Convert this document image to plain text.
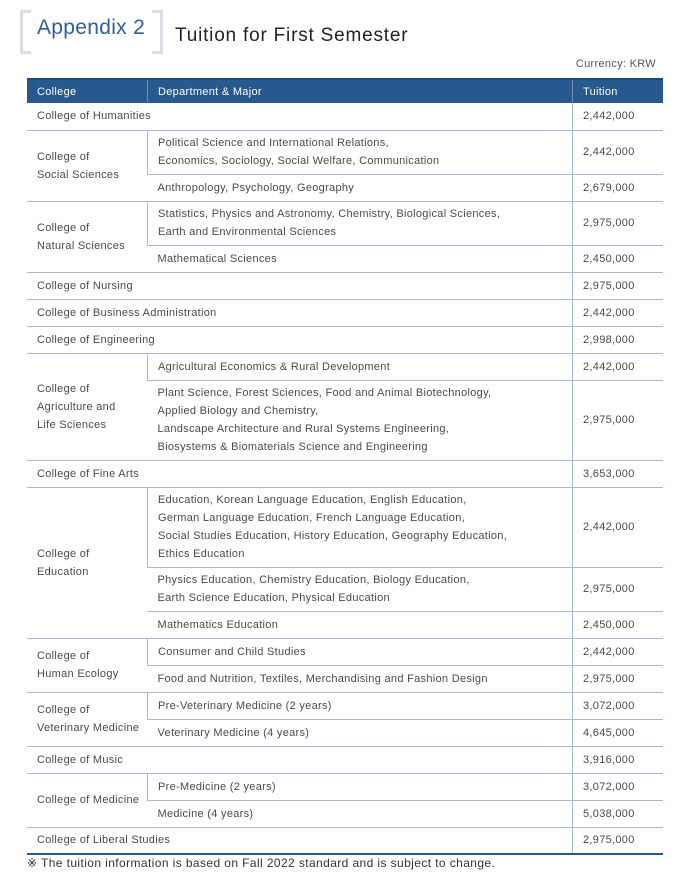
Appendix 2 Tuition for First Semester
Currency: KRW
College	Department & Major	Tuition
College of Humanities		2,442,000
College of
Social Sciences	Political Science and International Relations,
Economics, Sociology, Social Welfare, Communication	2,442,000
	Anthropology, Psychology, Geography	2,679,000
College of
Natural Sciences	Statistics, Physics and Astronomy, Chemistry, Biological Sciences,
Earth and Environmental Sciences	2,975,000
	Mathematical Sciences	2,450,000
College of Nursing		2,975,000
College of Business Administration		2,442,000
College of Engineering		2,998,000
College of
Agriculture and
Life Sciences	Agricultural Economics & Rural Development	2,442,000
	Plant Science, Forest Sciences, Food and Animal Biotechnology,
Applied Biology and Chemistry,
Landscape Architecture and Rural Systems Engineering,
Biosystems & Biomaterials Science and Engineering	2,975,000
College of Fine Arts		3,653,000
College of
Education	Education, Korean Language Education, English Education,
German Language Education, French Language Education,
Social Studies Education, History Education, Geography Education,
Ethics Education	2,442,000
	Physics Education, Chemistry Education, Biology Education,
Earth Science Education, Physical Education	2,975,000
	Mathematics Education	2,450,000
College of
Human Ecology	Consumer and Child Studies	2,442,000
	Food and Nutrition, Textiles, Merchandising and Fashion Design	2,975,000
College of
Veterinary Medicine	Pre-Veterinary Medicine (2 years)	3,072,000
	Veterinary Medicine (4 years)	4,645,000
College of Music		3,916,000
College of Medicine	Pre-Medicine (2 years)	3,072,000
	Medicine (4 years)	5,038,000
College of Liberal Studies		2,975,000
※ The tuition information is based on Fall 2022 standard and is subject to change.
